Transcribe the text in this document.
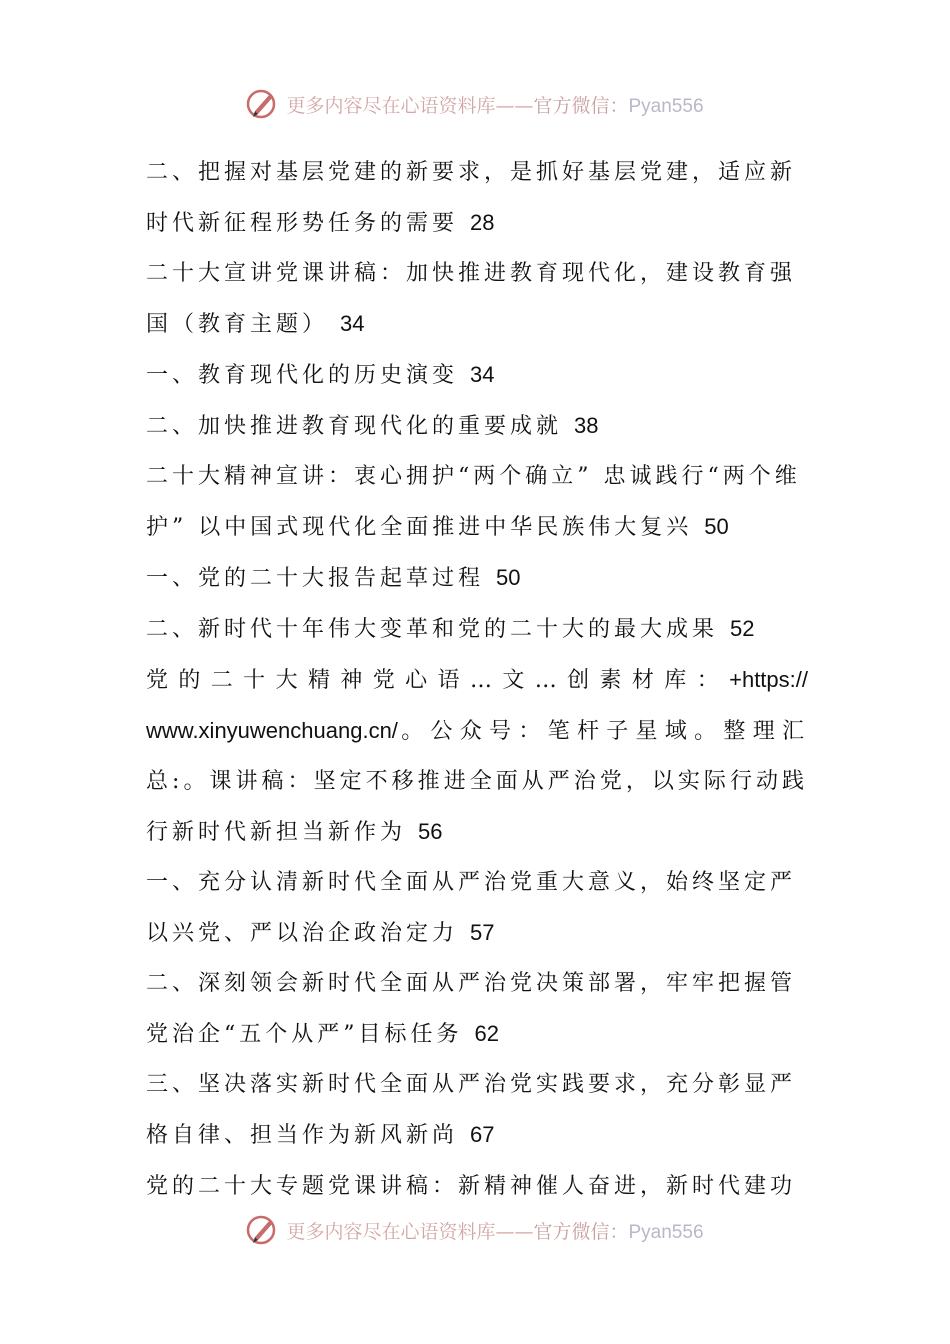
更多内容尽在心语资料库——官方微信：Pyan556

二、把握对基层党建的新要求，是抓好基层党建，适应新时代新征程形势任务的需要 28

二十大宣讲党课讲稿：加快推进教育现代化，建设教育强国（教育主题） 34

一、教育现代化的历史演变 34

二、加快推进教育现代化的重要成就 38

二十大精神宣讲：衷心拥护“两个确立” 忠诚践行“两个维护” 以中国式现代化全面推进中华民族伟大复兴 50

一、党的二十大报告起草过程 50

二、新时代十年伟大变革和党的二十大的最大成果 52

党的二十大精神党心语…文…创素材库：+https://
www.xinyuwenchuang.cn/。公众号：笔杆子星域。整理汇
总:。课讲稿：坚定不移推进全面从严治党，以实际行动践
行新时代新担当新作为 56

一、充分认清新时代全面从严治党重大意义，始终坚定严以兴党、严以治企政治定力 57

二、深刻领会新时代全面从严治党决策部署，牢牢把握管党治企“五个从严”目标任务 62

三、坚决落实新时代全面从严治党实践要求，充分彰显严格自律、担当作为新风新尚 67

党的二十大专题党课讲稿：新精神催人奋进，新时代建功

更多内容尽在心语资料库——官方微信：Pyan556
